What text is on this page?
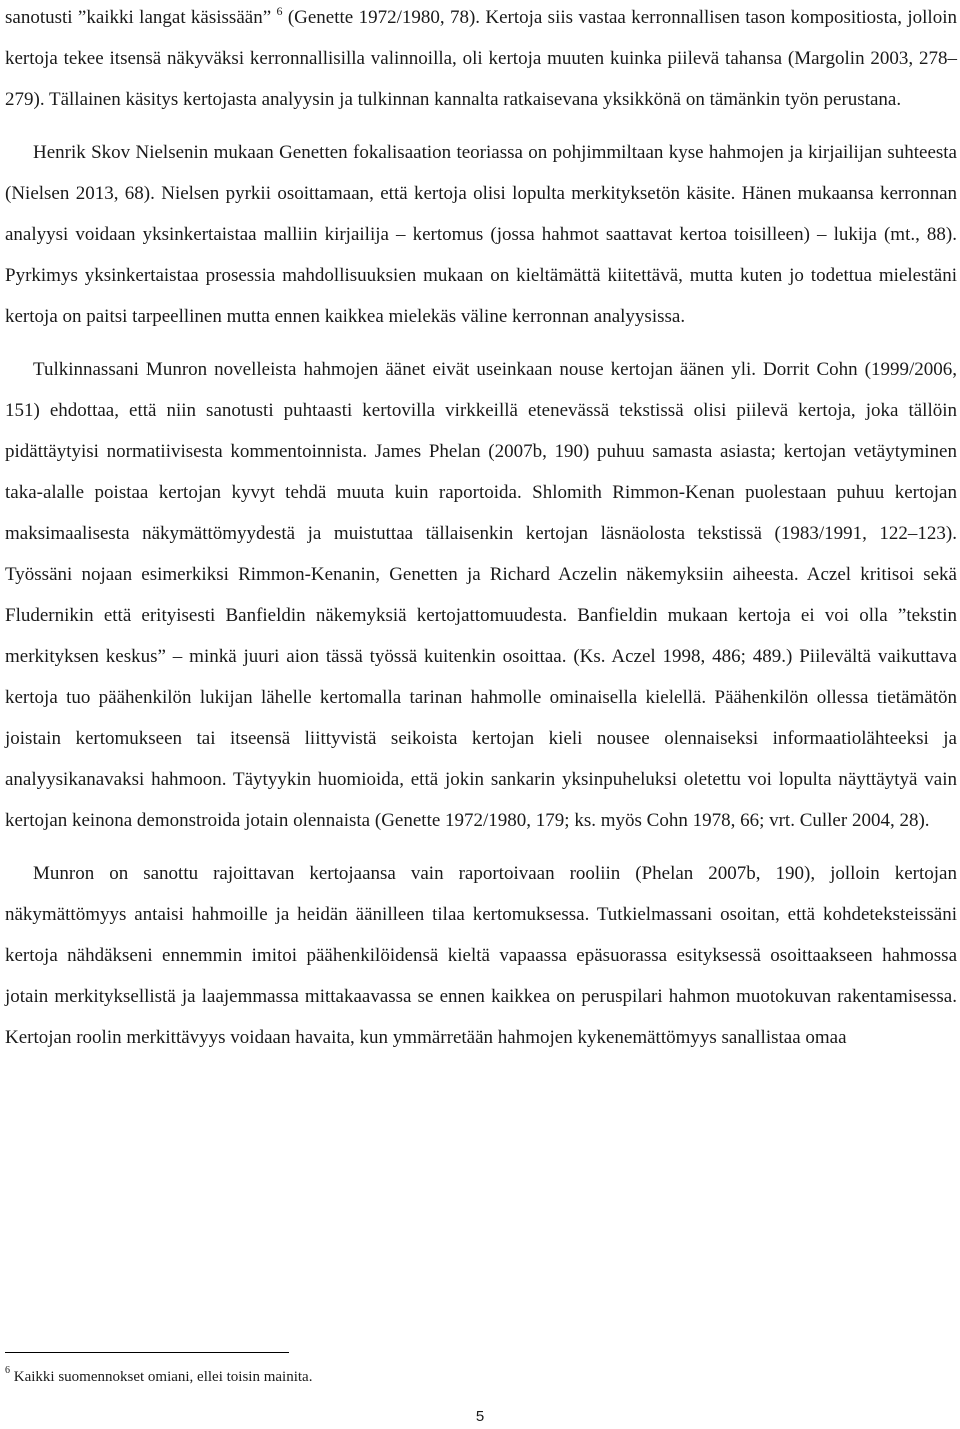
sanotusti ”kaikki langat käsissään” $^6$ (Genette 1972/1980, 78). Kertoja siis vastaa kerronnallisen tason kompositiosta, jolloin kertoja tekee itsensä näkyväksi kerronnallisilla valinnoilla, oli kertoja muuten kuinka piilevä tahansa (Margolin 2003, 278–279). Tällainen käsitys kertojasta analyysin ja tulkinnan kannalta ratkaisevana yksikkönä on tämänkin työn perustana.

Henrik Skov Nielsenin mukaan Genetten fokalisaation teoriassa on pohjimmiltaan kyse hahmojen ja kirjailijan suhteesta (Nielsen 2013, 68). Nielsen pyrkii osoittamaan, että kertoja olisi lopulta merkityksetön käsite. Hänen mukaansa kerronnan analyysi voidaan yksinkertaistaa malliin kirjailija – kertomus (jossa hahmot saattavat kertoa toisilleen) – lukija (mt., 88). Pyrkimys yksinkertaistaa prosessia mahdollisuuksien mukaan on kieltämättä kiitettävä, mutta kuten jo todettua mielestäni kertoja on paitsi tarpeellinen mutta ennen kaikkea mielekäs väline kerronnan analyysissa.

Tulkinnassani Munron novelleista hahmojen äänet eivät useinkaan nouse kertojan äänen yli. Dorrit Cohn (1999/2006, 151) ehdottaa, että niin sanotusti puhtaasti kertovilla virkkeillä etenevässä tekstissä olisi piilevä kertoja, joka tällöin pidättäytyisi normatiivisesta kommentoinnista. James Phelan (2007b, 190) puhuu samasta asiasta; kertojan vetäytyminen taka-alalle poistaa kertojan kyvyt tehdä muuta kuin raportoida. Shlomith Rimmon-Kenan puolestaan puhuu kertojan maksimaalisesta näkymättömyydestä ja muistuttaa tällaisenkin kertojan läsnäolosta tekstissä (1983/1991, 122–123). Työssäni nojaan esimerkiksi Rimmon-Kenanin, Genetten ja Richard Aczelin näkemyksiin aiheesta. Aczel kritisoi sekä Fludernikin että erityisesti Banfieldin näkemyksiä kertojattomuudesta. Banfieldin mukaan kertoja ei voi olla ”tekstin merkityksen keskus” – minkä juuri aion tässä työssä kuitenkin osoittaa. (Ks. Aczel 1998, 486; 489.) Piilevältä vaikuttava kertoja tuo päähenkilön lukijan lähelle kertomalla tarinan hahmolle ominaisella kielellä. Päähenkilön ollessa tietämätön joistain kertomukseen tai itseensä liittyvistä seikoista kertojan kieli nousee olennaiseksi informaatiolähteeksi ja analyysikanavaksi hahmoon. Täytyykin huomioida, että jokin sankarin yksinpuheluksi oletettu voi lopulta näyttäytyä vain kertojan keinona demonstroida jotain olennaista (Genette 1972/1980, 179; ks. myös Cohn 1978, 66; vrt. Culler 2004, 28).

Munron on sanottu rajoittavan kertojaansa vain raportoivaan rooliin (Phelan 2007b, 190), jolloin kertojan näkymättömyys antaisi hahmoille ja heidän äänilleen tilaa kertomuksessa. Tutkielmassani osoitan, että kohdeteksteissäni kertoja nähdäkseni ennemmin imitoi päähenkilöidensä kieltä vapaassa epäsuorassa esityksessä osoittaakseen hahmossa jotain merkityksellistä ja laajemmassa mittakaavassa se ennen kaikkea on peruspilari hahmon muotokuvan rakentamisessa. Kertojan roolin merkittävyys voidaan havaita, kun ymmärretään hahmojen kykenemättömyys sanallistaa omaa

$^6$ Kaikki suomennokset omiani, ellei toisin mainita.
5
